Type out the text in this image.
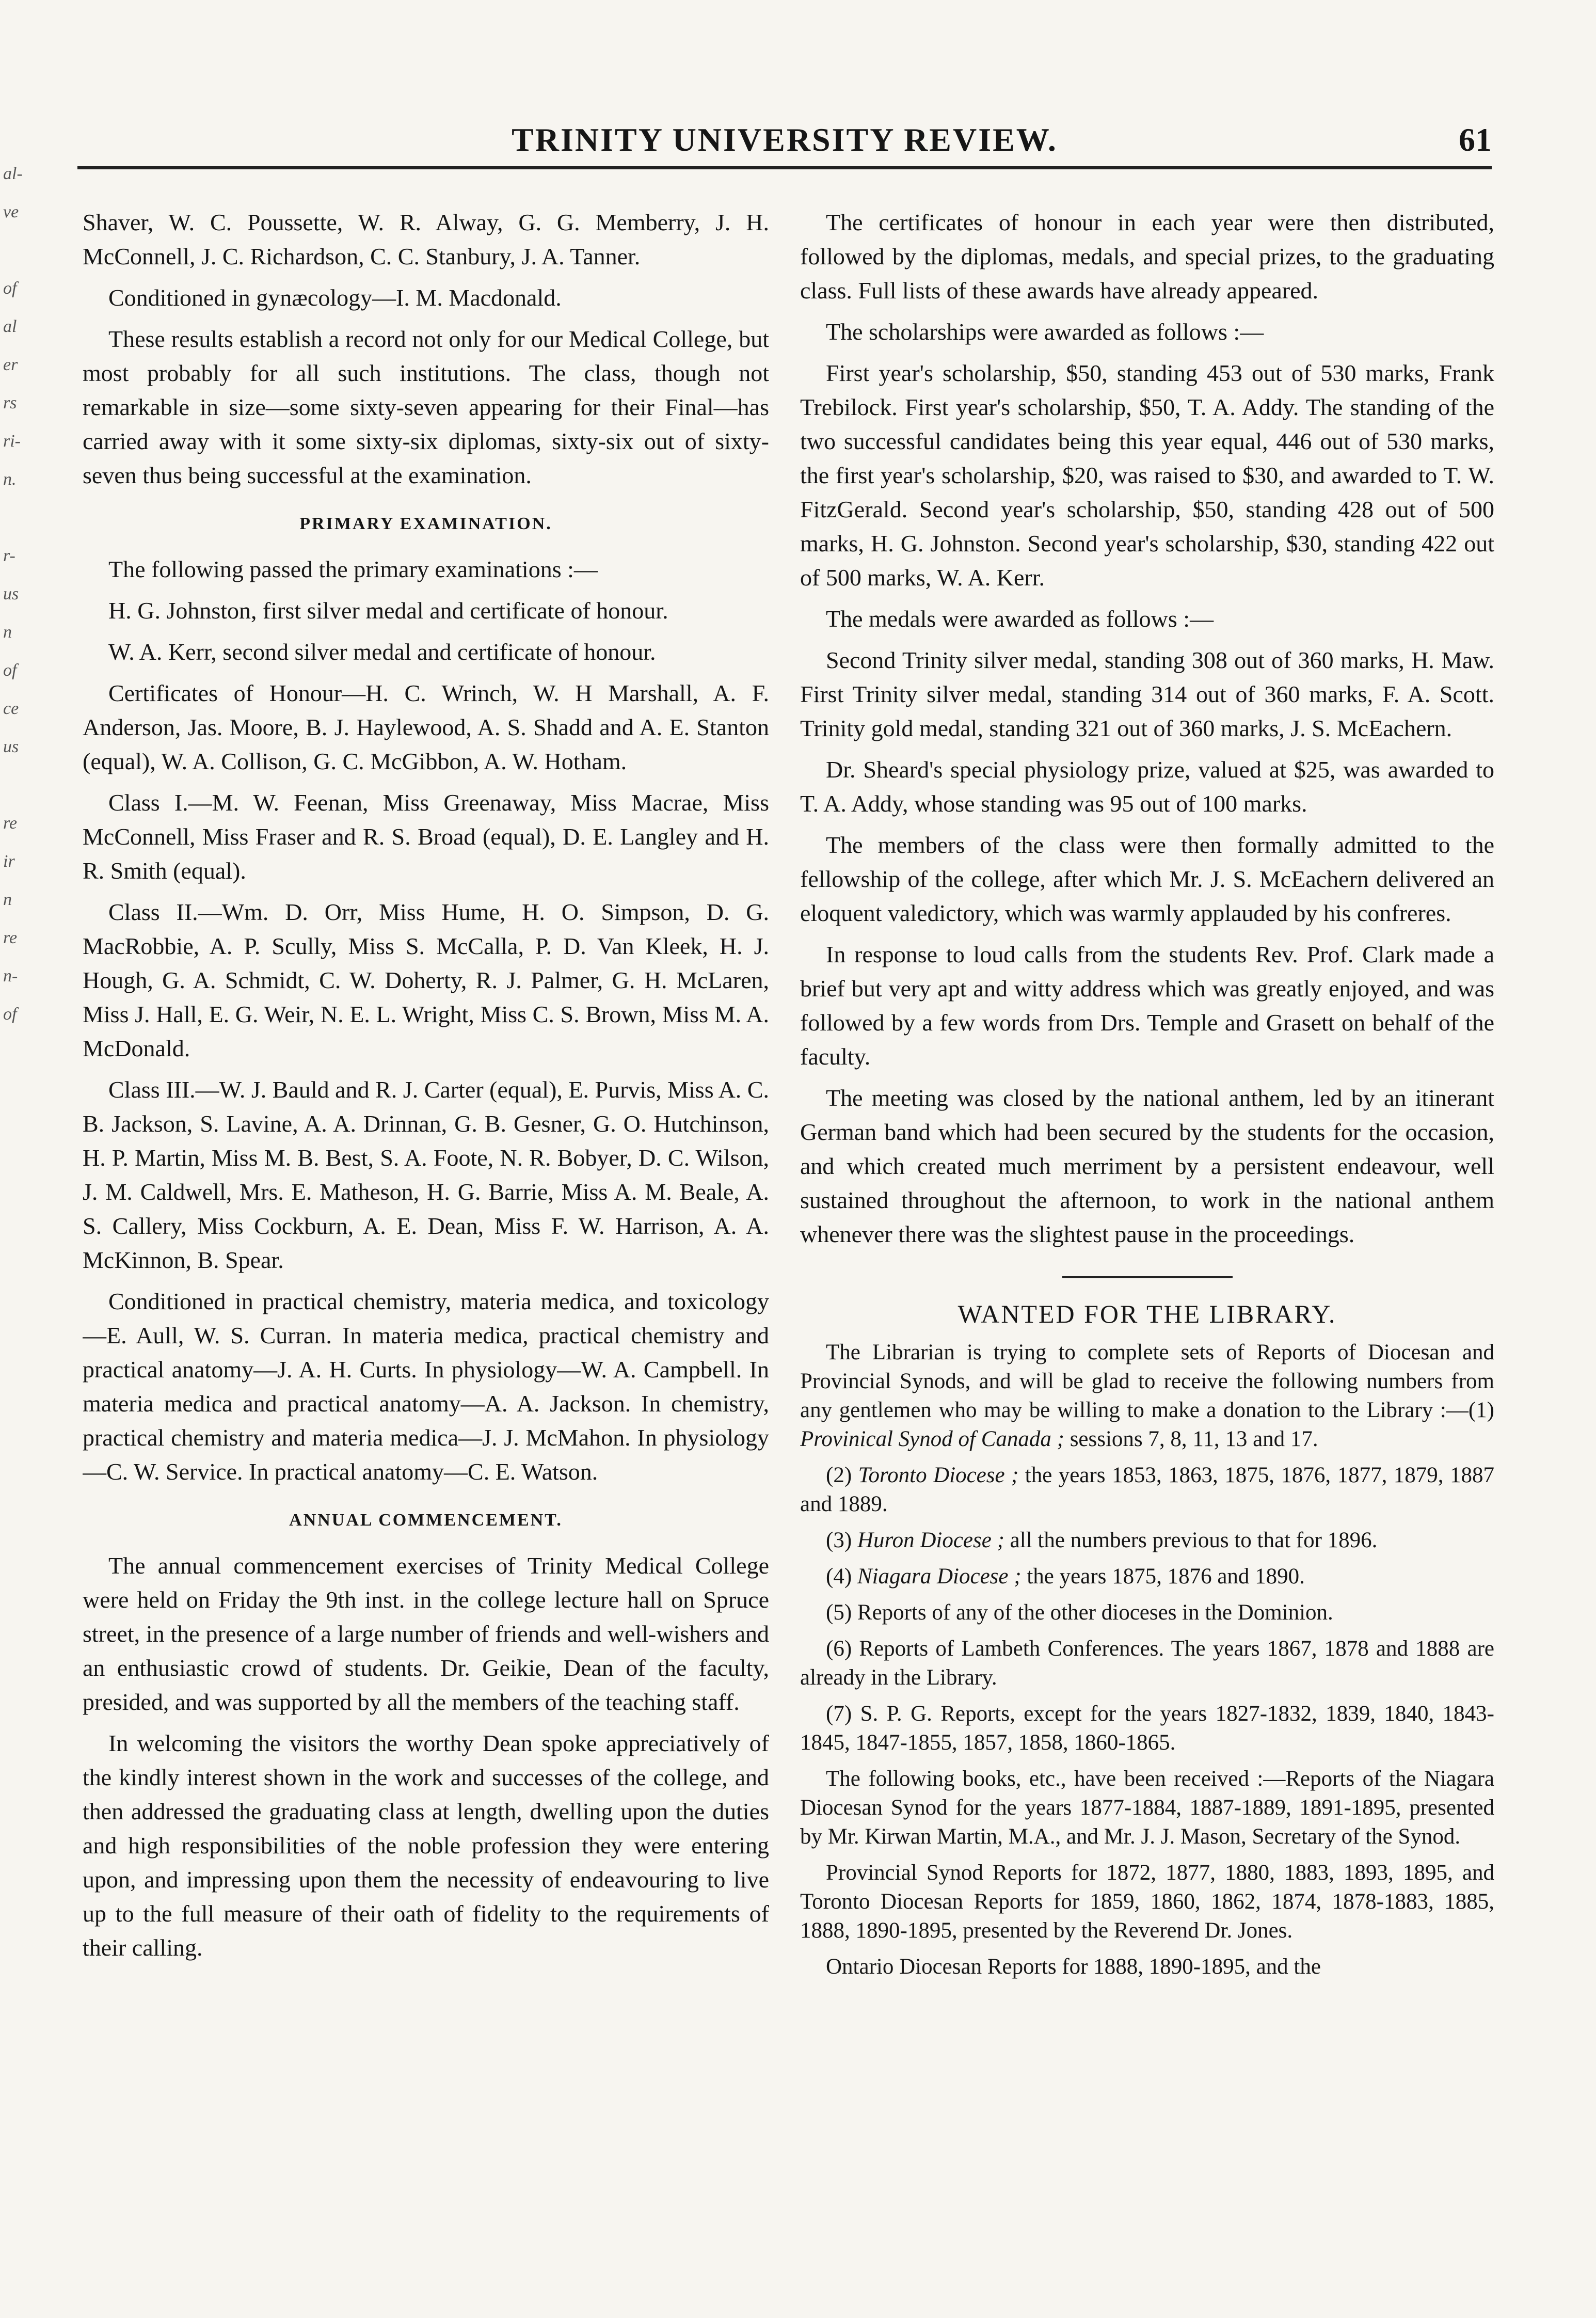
al-
ve

of
al
er
rs
ri-
n.

r-
us
n
of
ce
us

re
ir
n
re
n-
of
TRINITY UNIVERSITY REVIEW.	61

Shaver, W. C. Poussette, W. R. Alway, G. G. Memberry, J. H. McConnell, J. C. Richardson, C. C. Stanbury, J. A. Tanner.

Conditioned in gynæcology—I. M. Macdonald.

These results establish a record not only for our Medical College, but most probably for all such institutions. The class, though not remarkable in size—some sixty-seven appearing for their Final—has carried away with it some sixty-six diplomas, sixty-six out of sixty-seven thus being successful at the examination.

PRIMARY EXAMINATION.

The following passed the primary examinations :—

H. G. Johnston, first silver medal and certificate of honour.

W. A. Kerr, second silver medal and certificate of honour.

Certificates of Honour—H. C. Wrinch, W. H Marshall, A. F. Anderson, Jas. Moore, B. J. Haylewood, A. S. Shadd and A. E. Stanton (equal), W. A. Collison, G. C. McGibbon, A. W. Hotham.

Class I.—M. W. Feenan, Miss Greenaway, Miss Macrae, Miss McConnell, Miss Fraser and R. S. Broad (equal), D. E. Langley and H. R. Smith (equal).

Class II.—Wm. D. Orr, Miss Hume, H. O. Simpson, D. G. MacRobbie, A. P. Scully, Miss S. McCalla, P. D. Van Kleek, H. J. Hough, G. A. Schmidt, C. W. Doherty, R. J. Palmer, G. H. McLaren, Miss J. Hall, E. G. Weir, N. E. L. Wright, Miss C. S. Brown, Miss M. A. McDonald.

Class III.—W. J. Bauld and R. J. Carter (equal), E. Purvis, Miss A. C. B. Jackson, S. Lavine, A. A. Drinnan, G. B. Gesner, G. O. Hutchinson, H. P. Martin, Miss M. B. Best, S. A. Foote, N. R. Bobyer, D. C. Wilson, J. M. Caldwell, Mrs. E. Matheson, H. G. Barrie, Miss A. M. Beale, A. S. Callery, Miss Cockburn, A. E. Dean, Miss F. W. Harrison, A. A. McKinnon, B. Spear.

Conditioned in practical chemistry, materia medica, and toxicology—E. Aull, W. S. Curran. In materia medica, practical chemistry and practical anatomy—J. A. H. Curts. In physiology—W. A. Campbell. In materia medica and practical anatomy—A. A. Jackson. In chemistry, practical chemistry and materia medica—J. J. McMahon. In physiology—C. W. Service. In practical anatomy—C. E. Watson.

ANNUAL COMMENCEMENT.

The annual commencement exercises of Trinity Medical College were held on Friday the 9th inst. in the college lecture hall on Spruce street, in the presence of a large number of friends and well-wishers and an enthusiastic crowd of students. Dr. Geikie, Dean of the faculty, presided, and was supported by all the members of the teaching staff.

In welcoming the visitors the worthy Dean spoke appreciatively of the kindly interest shown in the work and successes of the college, and then addressed the graduating class at length, dwelling upon the duties and high responsibilities of the noble profession they were entering upon, and impressing upon them the necessity of endeavouring to live up to the full measure of their oath of fidelity to the requirements of their calling.

The certificates of honour in each year were then distributed, followed by the diplomas, medals, and special prizes, to the graduating class. Full lists of these awards have already appeared.

The scholarships were awarded as follows :—

First year's scholarship, $50, standing 453 out of 530 marks, Frank Trebilock. First year's scholarship, $50, T. A. Addy. The standing of the two successful candidates being this year equal, 446 out of 530 marks, the first year's scholarship, $20, was raised to $30, and awarded to T. W. FitzGerald. Second year's scholarship, $50, standing 428 out of 500 marks, H. G. Johnston. Second year's scholarship, $30, standing 422 out of 500 marks, W. A. Kerr.

The medals were awarded as follows :—

Second Trinity silver medal, standing 308 out of 360 marks, H. Maw. First Trinity silver medal, standing 314 out of 360 marks, F. A. Scott. Trinity gold medal, standing 321 out of 360 marks, J. S. McEachern.

Dr. Sheard's special physiology prize, valued at $25, was awarded to T. A. Addy, whose standing was 95 out of 100 marks.

The members of the class were then formally admitted to the fellowship of the college, after which Mr. J. S. McEachern delivered an eloquent valedictory, which was warmly applauded by his confreres.

In response to loud calls from the students Rev. Prof. Clark made a brief but very apt and witty address which was greatly enjoyed, and was followed by a few words from Drs. Temple and Grasett on behalf of the faculty.

The meeting was closed by the national anthem, led by an itinerant German band which had been secured by the students for the occasion, and which created much merriment by a persistent endeavour, well sustained throughout the afternoon, to work in the national anthem whenever there was the slightest pause in the proceedings.

WANTED FOR THE LIBRARY.

The Librarian is trying to complete sets of Reports of Diocesan and Provincial Synods, and will be glad to receive the following numbers from any gentlemen who may be willing to make a donation to the Library :—(1) Provinical Synod of Canada ; sessions 7, 8, 11, 13 and 17.

(2) Toronto Diocese ; the years 1853, 1863, 1875, 1876, 1877, 1879, 1887 and 1889.

(3) Huron Diocese ; all the numbers previous to that for 1896.

(4) Niagara Diocese ; the years 1875, 1876 and 1890.

(5) Reports of any of the other dioceses in the Dominion.

(6) Reports of Lambeth Conferences. The years 1867, 1878 and 1888 are already in the Library.

(7) S. P. G. Reports, except for the years 1827-1832, 1839, 1840, 1843-1845, 1847-1855, 1857, 1858, 1860-1865.

The following books, etc., have been received :—Reports of the Niagara Diocesan Synod for the years 1877-1884, 1887-1889, 1891-1895, presented by Mr. Kirwan Martin, M.A., and Mr. J. J. Mason, Secretary of the Synod.

Provincial Synod Reports for 1872, 1877, 1880, 1883, 1893, 1895, and Toronto Diocesan Reports for 1859, 1860, 1862, 1874, 1878-1883, 1885, 1888, 1890-1895, presented by the Reverend Dr. Jones.

Ontario Diocesan Reports for 1888, 1890-1895, and the
